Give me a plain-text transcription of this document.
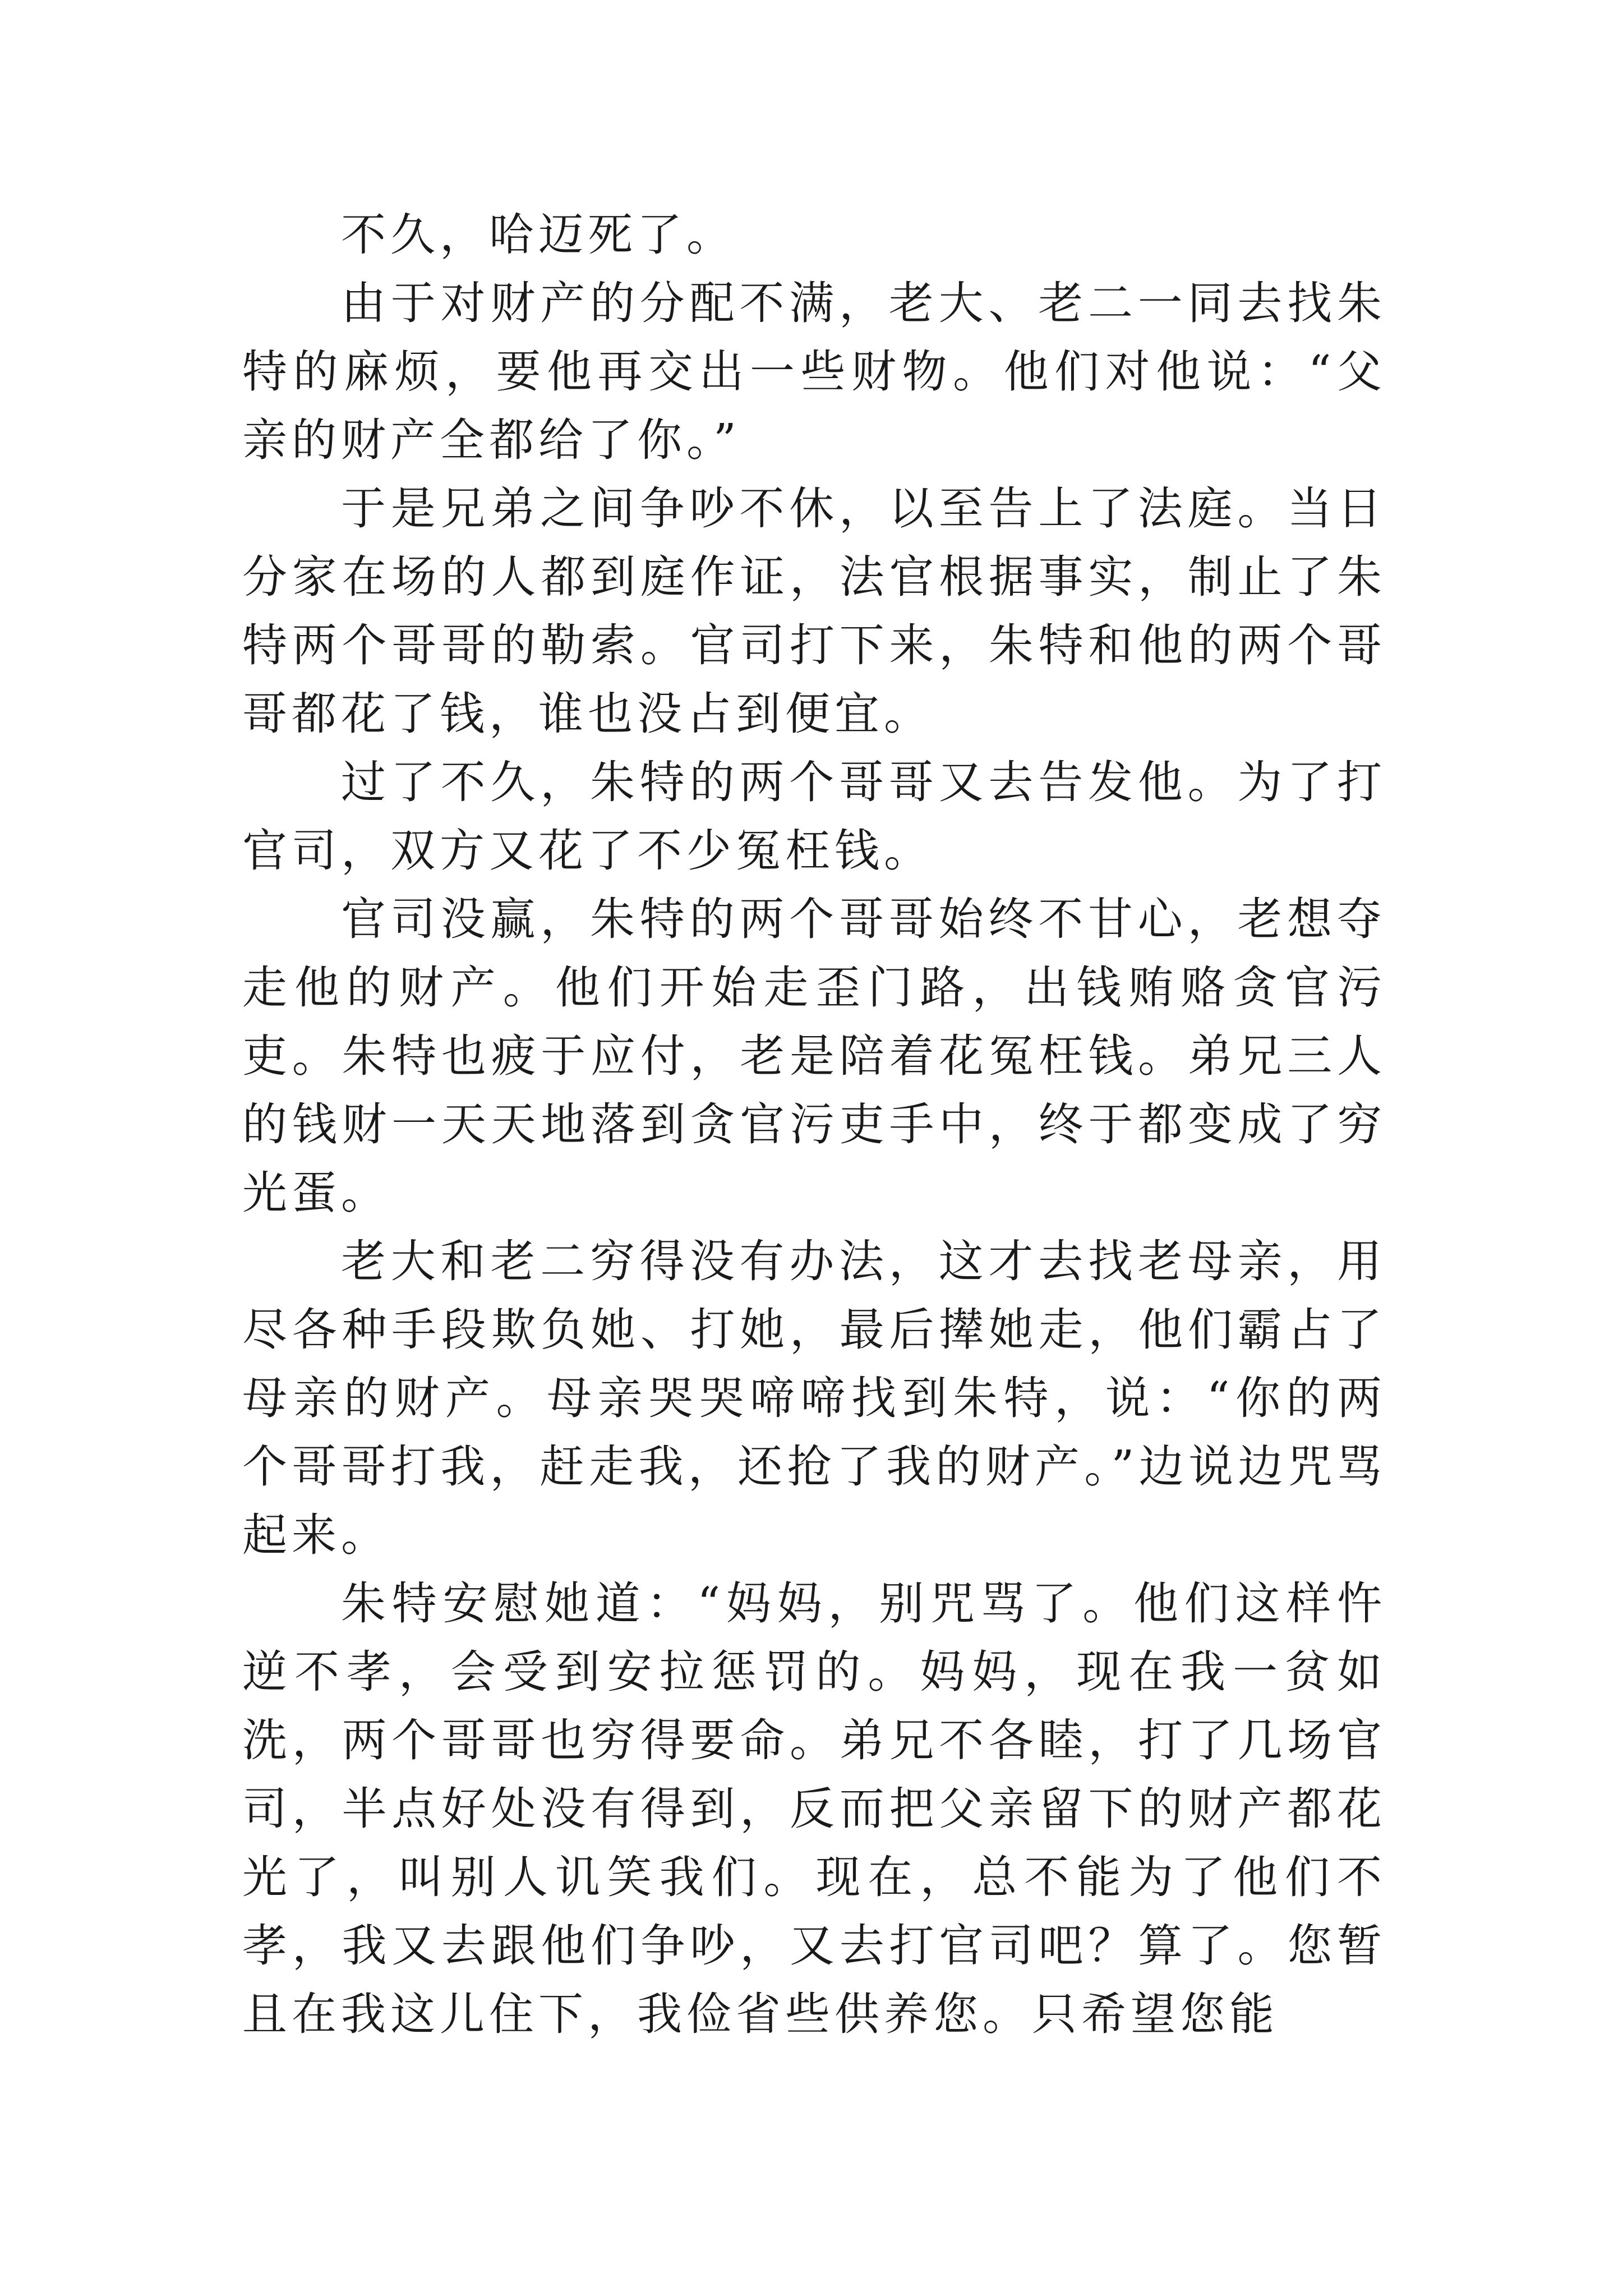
不久，哈迈死了。

由于对财产的分配不满，老大、老二一同去找朱特的麻烦，要他再交出一些财物。他们对他说：“父亲的财产全都给了你。”

于是兄弟之间争吵不休，以至告上了法庭。当日分家在场的人都到庭作证，法官根据事实，制止了朱特两个哥哥的勒索。官司打下来，朱特和他的两个哥哥都花了钱，谁也没占到便宜。

过了不久，朱特的两个哥哥又去告发他。为了打官司，双方又花了不少冤枉钱。

官司没赢，朱特的两个哥哥始终不甘心，老想夺走他的财产。他们开始走歪门路，出钱贿赂贪官污吏。朱特也疲于应付，老是陪着花冤枉钱。弟兄三人的钱财一天天地落到贪官污吏手中，终于都变成了穷光蛋。

老大和老二穷得没有办法，这才去找老母亲，用尽各种手段欺负她、打她，最后撵她走，他们霸占了母亲的财产。母亲哭哭啼啼找到朱特，说：“你的两个哥哥打我，赶走我，还抢了我的财产。”边说边咒骂起来。

朱特安慰她道：“妈妈，别咒骂了。他们这样忤逆不孝，会受到安拉惩罚的。妈妈，现在我一贫如洗，两个哥哥也穷得要命。弟兄不各睦，打了几场官司，半点好处没有得到，反而把父亲留下的财产都花光了，叫别人讥笑我们。现在，总不能为了他们不孝，我又去跟他们争吵，又去打官司吧？算了。您暂且在我这儿住下，我俭省些供养您。只希望您能
